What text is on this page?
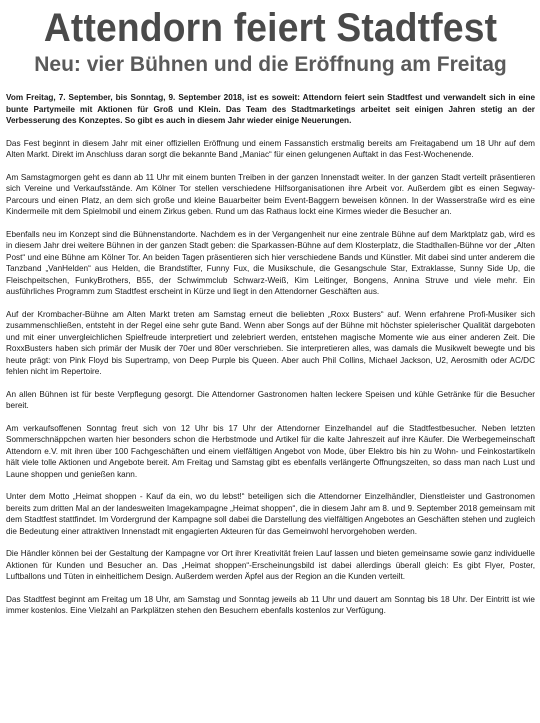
Attendorn feiert Stadtfest
Neu: vier Bühnen und die Eröffnung am Freitag

Vom Freitag, 7. September, bis Sonntag, 9. September 2018, ist es soweit: Attendorn feiert sein Stadtfest und verwandelt sich in eine bunte Partymeile mit Aktionen für Groß und Klein. Das Team des Stadtmarketings arbeitet seit einigen Jahren stetig an der Verbesserung des Konzeptes. So gibt es auch in diesem Jahr wieder einige Neuerungen.

Das Fest beginnt in diesem Jahr mit einer offiziellen Eröffnung und einem Fassanstich erstmalig bereits am Freitagabend um 18 Uhr auf dem Alten Markt. Direkt im Anschluss daran sorgt die bekannte Band „Maniac“ für einen gelungenen Auftakt in das Fest-Wochenende.

Am Samstagmorgen geht es dann ab 11 Uhr mit einem bunten Treiben in der ganzen Innenstadt weiter. In der ganzen Stadt verteilt präsentieren sich Vereine und Verkaufsstände. Am Kölner Tor stellen verschiedene Hilfsorganisationen ihre Arbeit vor. Außerdem gibt es einen Segway-Parcours und einen Platz, an dem sich große und kleine Bauarbeiter beim Event-Baggern beweisen können. In der Wasserstraße wird es eine Kindermeile mit dem Spielmobil und einem Zirkus geben. Rund um das Rathaus lockt eine Kirmes wieder die Besucher an.

Ebenfalls neu im Konzept sind die Bühnenstandorte. Nachdem es in der Vergangenheit nur eine zentrale Bühne auf dem Marktplatz gab, wird es in diesem Jahr drei weitere Bühnen in der ganzen Stadt geben: die Sparkassen-Bühne auf dem Klosterplatz, die Stadthallen-Bühne vor der „Alten Post“ und eine Bühne am Kölner Tor. An beiden Tagen präsentieren sich hier verschiedene Bands und Künstler. Mit dabei sind unter anderem die Tanzband „VanHelden“ aus Helden, die Brandstifter, Funny Fux, die Musikschule, die Gesangschule Star, Extraklasse, Sunny Side Up, die Fleischpeitschen, FunkyBrothers, B55, der Schwimmclub Schwarz-Weiß, Kim Leitinger, Bongens, Annina Struve und viele mehr. Ein ausführliches Programm zum Stadtfest erscheint in Kürze und liegt in den Attendorner Geschäften aus.

Auf der Krombacher-Bühne am Alten Markt treten am Samstag erneut die beliebten „Roxx Busters“ auf. Wenn erfahrene Profi-Musiker sich zusammenschließen, entsteht in der Regel eine sehr gute Band. Wenn aber Songs auf der Bühne mit höchster spielerischer Qualität dargeboten und mit einer unvergleichlichen Spielfreude interpretiert und zelebriert werden, entstehen magische Momente wie aus einer anderen Zeit. Die RoxxBusters haben sich primär der Musik der 70er und 80er verschrieben. Sie interpretieren alles, was damals die Musikwelt bewegte und bis heute prägt: von Pink Floyd bis Supertramp, von Deep Purple bis Queen. Aber auch Phil Collins, Michael Jackson, U2, Aerosmith oder AC/DC fehlen nicht im Repertoire.

An allen Bühnen ist für beste Verpflegung gesorgt. Die Attendorner Gastronomen halten leckere Speisen und kühle Getränke für die Besucher bereit.

Am verkaufsoffenen Sonntag freut sich von 12 Uhr bis 17 Uhr der Attendorner Einzelhandel auf die Stadtfestbesucher. Neben letzten Sommerschnäppchen warten hier besonders schon die Herbstmode und Artikel für die kalte Jahreszeit auf ihre Käufer. Die Werbegemeinschaft Attendorn e.V. mit ihren über 100 Fachgeschäften und einem vielfältigen Angebot von Mode, über Elektro bis hin zu Wohn- und Feinkostartikeln hält viele tolle Aktionen und Angebote bereit. Am Freitag und Samstag gibt es ebenfalls verlängerte Öffnungszeiten, so dass man nach Lust und Laune shoppen und genießen kann.

Unter dem Motto „Heimat shoppen - Kauf da ein, wo du lebst!“ beteiligen sich die Attendorner Einzelhändler, Dienstleister und Gastronomen bereits zum dritten Mal an der landesweiten Imagekampagne „Heimat shoppen“, die in diesem Jahr am 8. und 9. September 2018 gemeinsam mit dem Stadtfest stattfindet. Im Vordergrund der Kampagne soll dabei die Darstellung des vielfältigen Angebotes an Geschäften stehen und zugleich die Bedeutung einer attraktiven Innenstadt mit engagierten Akteuren für das Gemeinwohl hervorgehoben werden.

Die Händler können bei der Gestaltung der Kampagne vor Ort ihrer Kreativität freien Lauf lassen und bieten gemeinsame sowie ganz individuelle Aktionen für Kunden und Besucher an. Das „Heimat shoppen“-Erscheinungsbild ist dabei allerdings überall gleich: Es gibt Flyer, Poster, Luftballons und Tüten in einheitlichem Design. Außerdem werden Äpfel aus der Region an die Kunden verteilt.

Das Stadtfest beginnt am Freitag um 18 Uhr, am Samstag und Sonntag jeweils ab 11 Uhr und dauert am Sonntag bis 18 Uhr. Der Eintritt ist wie immer kostenlos. Eine Vielzahl an Parkplätzen stehen den Besuchern ebenfalls kostenlos zur Verfügung.
